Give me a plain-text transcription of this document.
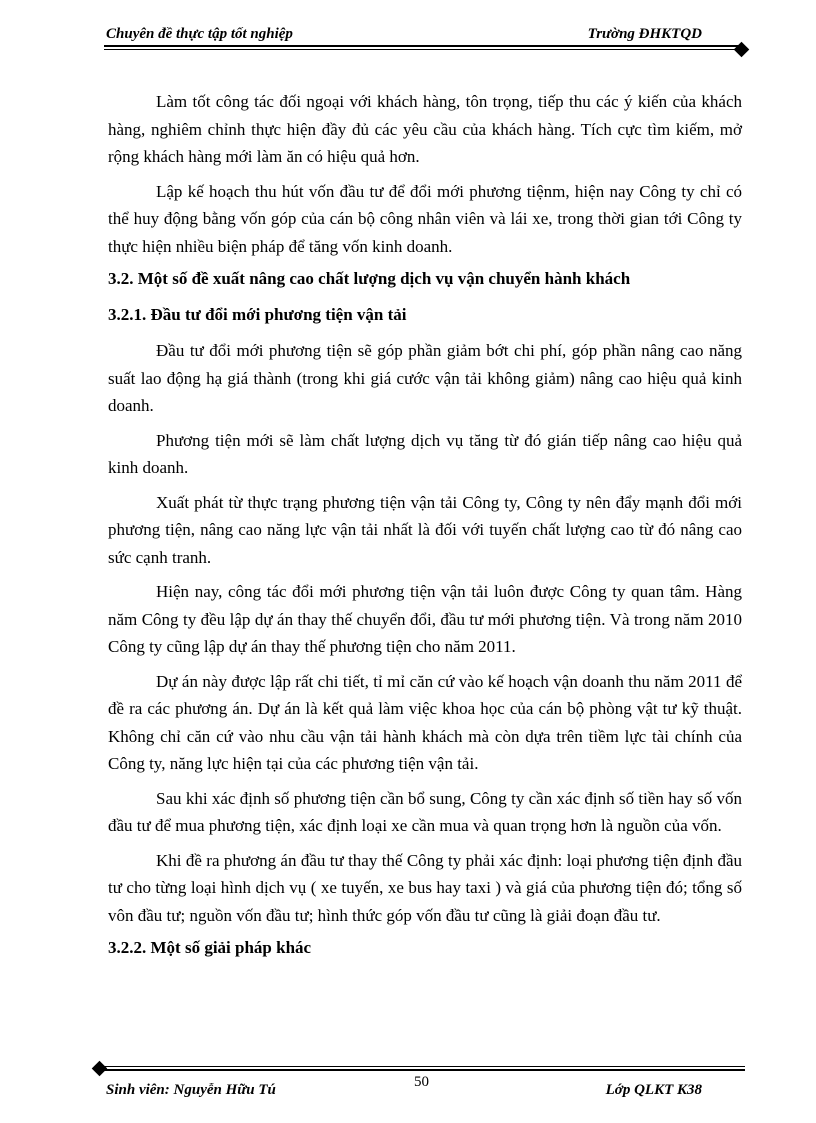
Chuyên đề thực tập tốt nghiệp	Trường ĐHKTQD

Làm tốt công tác đối ngoại với khách hàng, tôn trọng, tiếp thu các ý kiến của khách hàng, nghiêm chỉnh thực hiện đầy đủ các yêu cầu của khách hàng. Tích cực tìm kiếm, mở rộng khách hàng mới làm ăn có hiệu quả hơn.

Lập kế hoạch thu hút vốn đầu tư để đổi mới phương tiệnm, hiện nay Công ty chỉ có thể huy động bằng vốn góp của cán bộ công nhân viên và lái xe, trong thời gian tới Công ty thực hiện nhiều biện pháp để tăng vốn kinh doanh.

3.2. Một số đề xuất nâng cao chất lượng dịch vụ vận chuyển hành khách
3.2.1. Đầu tư đổi mới phương tiện vận tải

Đầu tư đổi mới phương tiện sẽ góp phần giảm bớt chi phí, góp phần nâng cao năng suất lao động hạ giá thành (trong khi giá cước vận tải không giảm) nâng cao hiệu quả kinh doanh.

Phương tiện mới sẽ làm chất lượng dịch vụ tăng từ đó gián tiếp nâng cao hiệu quả kinh doanh.

Xuất phát từ thực trạng phương tiện vận tải Công ty, Công ty nên đẩy mạnh đổi mới phương tiện, nâng cao năng lực vận tải nhất là đối với tuyến chất lượng cao từ đó nâng cao sức cạnh tranh.

Hiện nay, công tác đổi mới phương tiện vận tải luôn được Công ty quan tâm. Hàng năm Công ty đều lập dự án thay thế chuyển đổi, đầu tư mới phương tiện. Và trong năm 2010 Công ty cũng lập dự án thay thế phương tiện cho năm 2011.

Dự án này được lập rất chi tiết, tỉ mỉ căn cứ vào kế hoạch vận doanh thu năm 2011 để đề ra các phương án. Dự án là kết quả làm việc khoa học của cán bộ phòng vật tư kỹ thuật. Không chỉ căn cứ vào nhu cầu vận tải hành khách mà còn dựa trên tiềm lực tài chính của Công ty, năng lực hiện tại của các phương tiện vận tải.

Sau khi xác định số phương tiện cần bổ sung, Công ty cần xác định số tiền hay số vốn đầu tư để mua phương tiện, xác định loại xe cần mua và quan trọng hơn là nguồn của vốn.

Khi đề ra phương án đầu tư thay thế Công ty phải xác định: loại phương tiện định đầu tư cho từng loại hình dịch vụ ( xe tuyến, xe bus hay taxi ) và giá của phương tiện đó; tổng số vôn đầu tư; nguồn vốn đầu tư; hình thức góp vốn đầu tư cũng là giải đoạn đầu tư.

3.2.2. Một số giải pháp khác
50
Sinh viên: Nguyễn Hữu Tú	Lớp QLKT K38
